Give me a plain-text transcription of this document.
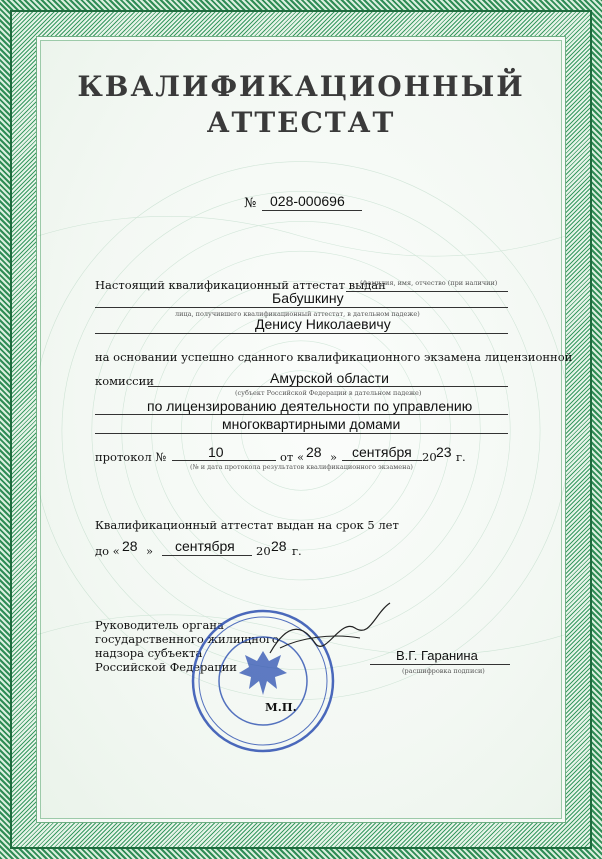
КВАЛИФИКАЦИОННЫЙ
АТТЕСТАТ
№ 028-000696
Настоящий квалификационный аттестат выдан
(фамилия, имя, отчество (при наличии)
Бабушкину
лица, получившего квалификационный аттестат, в дательном падеже)
Денису Николаевичу
на основании успешно сданного квалификационного экзамена лицензионной
комиссии	Амурской области
(субъект Российской Федерации в дательном падеже)
по лицензированию деятельности по управлению
многоквартирными домами
протокол №	10	от « 28 » сентября 20 23 г.
(№ и дата протокола результатов квалификационного экзамена)
Квалификационный аттестат выдан на срок 5 лет
до « 28 » сентября 20 28 г.
Руководитель органа
государственного жилищного
надзора субъекта
Российской Федерации
М.П.
В.Г. Гаранина
(расшифровка подписи)
